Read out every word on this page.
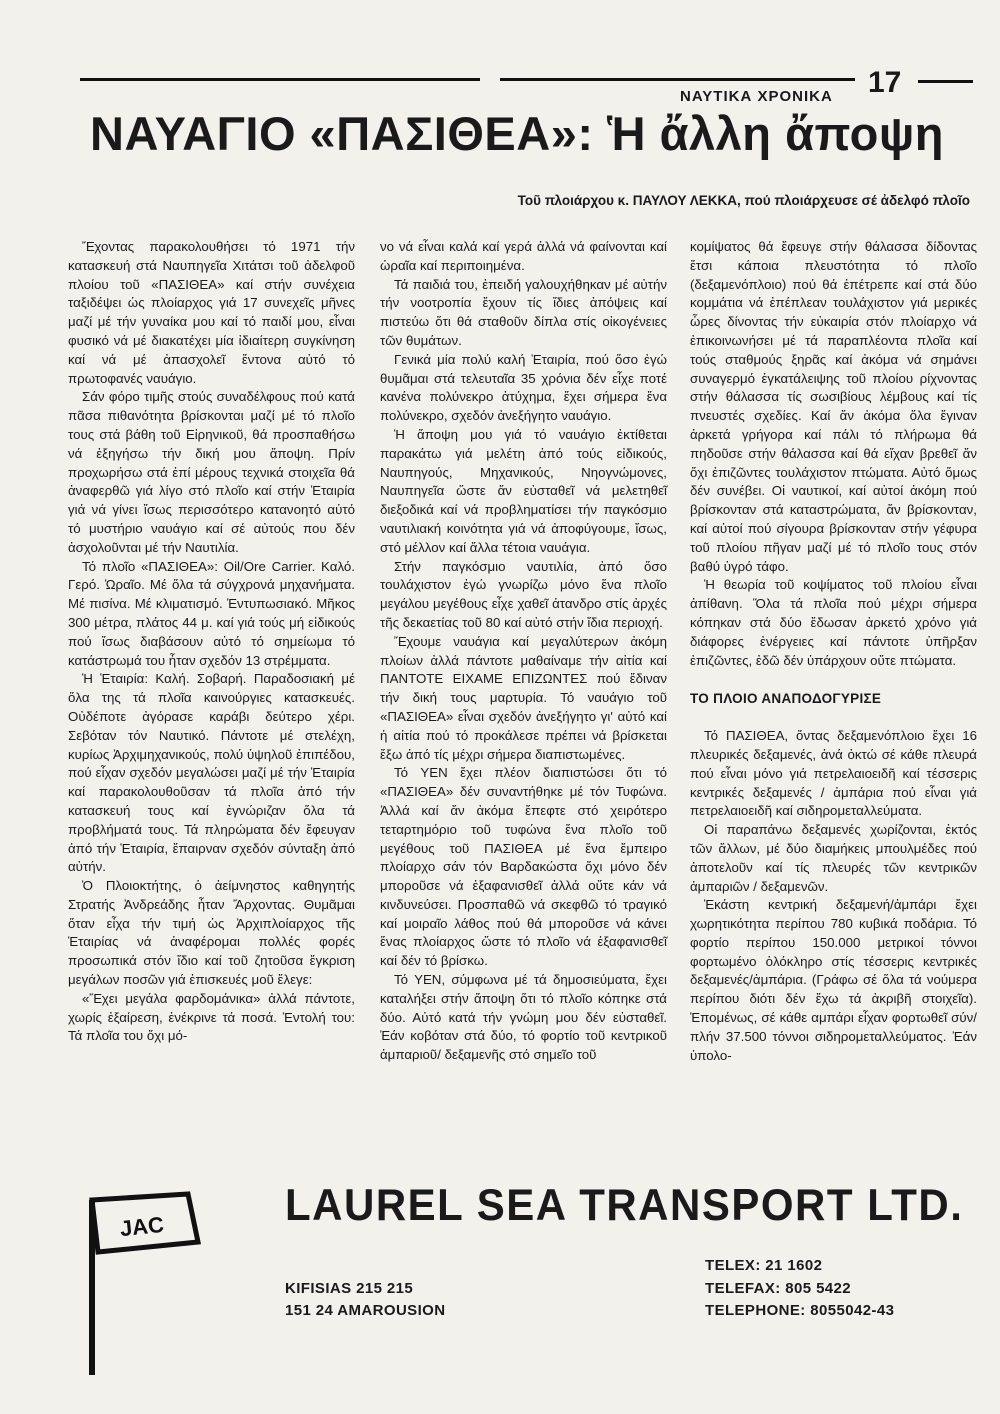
ΝΑΥΤΙΚΑ ΧΡΟΝΙΚΑ 17
ΝΑΥΑΓΙΟ «ΠΑΣΙΘΕΑ»: Ἡ ἄλλη ἄποψη
Τοῦ πλοιάρχου κ. ΠΑΥΛΟΥ ΛΕΚΚΑ, πού πλοιάρχευσε σέ ἀδελφό πλοῖο

Ἔχοντας παρακολουθήσει τό 1971 τήν κατασκευή στά Ναυπηγεῖα Χιτάτσι τοῦ ἀδελφοῦ πλοίου τοῦ «ΠΑΣΙΘΕΑ» καί στήν συνέχεια ταξιδέψει ὡς πλοίαρχος γιά 17 συνεχεῖς μῆνες μαζί μέ τήν γυναίκα μου καί τό παιδί μου, εἶναι φυσικό νά μέ διακατέχει μία ἰδιαίτερη συγκίνηση καί νά μέ ἀπασχολεῖ ἔντονα αὐτό τό πρωτοφανές ναυάγιο.

Σάν φόρο τιμῆς στούς συναδέλφους πού κατά πᾶσα πιθανότητα βρίσκονται μαζί μέ τό πλοῖο τους στά βάθη τοῦ Εἰρηνικοῦ, θά προσπαθήσω νά ἐξηγήσω τήν δική μου ἄποψη. Πρίν προχωρήσω στά ἐπί μέρους τεχνικά στοιχεῖα θά ἀναφερθῶ γιά λίγο στό πλοῖο καί στήν Ἑταιρία γιά νά γίνει ἴσως περισσότερο κατανοητό αὐτό τό μυστήριο ναυάγιο καί σέ αὐτούς που δέν ἀσχολοῦνται μέ τήν Ναυτιλία.

Τό πλοῖο «ΠΑΣΙΘΕΑ»: Oil/Ore Carrier. Καλό. Γερό. Ὡραῖο. Μέ ὅλα τά σύγχρονά μηχανήματα. Μέ πισίνα. Μέ κλιματισμό. Ἐντυπωσιακό. Μῆκος 300 μέτρα, πλάτος 44 μ. καί γιά τούς μή εἰδικούς πού ἴσως διαβάσουν αὐτό τό σημείωμα τό κατάστρωμά του ἦταν σχεδόν 13 στρέμματα.

Ἡ Ἑταιρία: Καλή. Σοβαρή. Παραδοσιακή μέ ὅλα της τά πλοῖα καινούργιες κατασκευές. Οὐδέποτε ἀγόρασε καράβι δεύτερο χέρι. Σεβόταν τόν Ναυτικό. Πάντοτε μέ στελέχη, κυρίως Ἀρχιμηχανικούς, πολύ ὑψηλοῦ ἐπιπέδου, πού εἶχαν σχεδόν μεγαλώσει μαζί μέ τήν Ἑταιρία καί παρακολουθοῦσαν τά πλοῖα ἀπό τήν κατασκευή τους καί ἐγνώριζαν ὅλα τά προβλήματά τους. Τά πληρώματα δέν ἔφευγαν ἀπό τήν Ἑταιρία, ἔπαιρναν σχεδόν σύνταξη ἀπό αὐτήν.

Ὁ Πλοιοκτήτης, ὁ ἀείμνηστος καθηγητής Στρατής Ἀνδρεάδης ἦταν Ἄρχοντας. Θυμᾶμαι ὅταν εἶχα τήν τιμή ὡς Ἀρχιπλοίαρχος τῆς Ἑταιρίας νά ἀναφέρομαι πολλές φορές προσωπικά στόν ἴδιο καί τοῦ ζητοῦσα ἔγκριση μεγάλων ποσῶν γιά ἐπισκευές μοῦ ἔλεγε:

«Ἔχει μεγάλα φαρδομάνικα» ἀλλά πάντοτε, χωρίς ἐξαίρεση, ἐνέκρινε τά ποσά. Ἐντολή του: Τά πλοῖα του ὄχι μό-

νο νά εἶναι καλά καί γερά ἀλλά νά φαίνονται καί ὡραῖα καί περιποιημένα.

Τά παιδιά του, ἐπειδή γαλουχήθηκαν μέ αὐτήν τήν νοοτροπία ἔχουν τίς ἴδιες ἀπόψεις καί πιστεύω ὅτι θά σταθοῦν δίπλα στίς οἰκογένειες τῶν θυμάτων.

Γενικά μία πολύ καλή Ἑταιρία, πού ὅσο ἐγώ θυμᾶμαι στά τελευταῖα 35 χρόνια δέν εἶχε ποτέ κανένα πολύνεκρο ἀτύχημα, ἔχει σήμερα ἕνα πολύνεκρο, σχεδόν ἀνεξήγητο ναυάγιο.

Ἡ ἄποψη μου γιά τό ναυάγιο ἐκτίθεται παρακάτω γιά μελέτη ἀπό τούς εἰδικούς, Ναυπηγούς, Μηχανικούς, Νηογνώμονες, Ναυπηγεῖα ὥστε ἄν εὐσταθεῖ νά μελετηθεῖ διεξοδικά καί νά προβληματίσει τήν παγκόσμιο ναυτιλιακή κοινότητα γιά νά ἀποφύγουμε, ἴσως, στό μέλλον καί ἄλλα τέτοια ναυάγια.

Στήν παγκόσμιο ναυτιλία, ἀπό ὅσο τουλάχιστον ἐγώ γνωρίζω μόνο ἕνα πλοῖο μεγάλου μεγέθους εἶχε χαθεῖ ἀτανδρο στίς ἀρχές τῆς δεκαετίας τοῦ 80 καί αὐτό στήν ἴδια περιοχή.

Ἔχουμε ναυάγια καί μεγαλύτερων ἀκόμη πλοίων ἀλλά πάντοτε μαθαίναμε τήν αἰτία καί ΠΑΝΤΟΤΕ ΕΙΧΑΜΕ ΕΠΙΖΩΝΤΕΣ πού ἔδιναν τήν δική τους μαρτυρία. Τό ναυάγιο τοῦ «ΠΑΣΙΘΕΑ» εἶναι σχεδόν ἀνεξήγητο γι' αὐτό καί ἡ αἰτία πού τό προκάλεσε πρέπει νά βρίσκεται ἔξω ἀπό τίς μέχρι σήμερα διαπιστωμένες.

Τό ΥΕΝ ἔχει πλέον διαπιστώσει ὅτι τό «ΠΑΣΙΘΕΑ» δέν συναντήθηκε μέ τόν Τυφώνα. Ἀλλά καί ἄν ἀκόμα ἔπεφτε στό χειρότερο τεταρτημόριο τοῦ τυφώνα ἕνα πλοῖο τοῦ μεγέθους τοῦ ΠΑΣΙΘΕΑ μέ ἕνα ἔμπειρο πλοίαρχο σάν τόν Βαρδακώστα ὄχι μόνο δέν μποροῦσε νά ἐξαφανισθεῖ ἀλλά οὔτε κάν νά κινδυνεύσει. Προσπαθῶ νά σκεφθῶ τό τραγικό καί μοιραῖο λάθος πού θά μποροῦσε νά κάνει ἕνας πλοίαρχος ὥστε τό πλοῖο νά ἐξαφανισθεῖ καί δέν τό βρίσκω.

Τό ΥΕΝ, σύμφωνα μέ τά δημοσιεύματα, ἔχει καταλήξει στήν ἄποψη ὅτι τό πλοῖο κόπηκε στά δύο. Αὐτό κατά τήν γνώμη μου δέν εὐσταθεῖ. Ἐάν κοβόταν στά δύο, τό φορτίο τοῦ κεντρικοῦ ἀμπαριοῦ/ δεξαμενῆς στό σημεῖο τοῦ

κομίψατος θά ἔφευγε στήν θάλασσα δίδοντας ἔτσι κάποια πλευστότητα τό πλοῖο (δεξαμενόπλοιο) πού θά ἐπέτρεπε καί στά δύο κομμάτια νά ἐπέπλεαν τουλάχιστον γιά μερικές ὧρες δίνοντας τήν εὐκαιρία στόν πλοίαρχο νά ἐπικοινωνήσει μέ τά παραπλέοντα πλοῖα καί τούς σταθμούς ξηρᾶς καί ἀκόμα νά σημάνει συναγερμό ἐγκατάλειψης τοῦ πλοίου ρίχνοντας στήν θάλασσα τίς σωσιβίους λέμβους καί τίς πνευστές σχεδίες. Καί ἄν ἀκόμα ὅλα ἔγιναν ἀρκετά γρήγορα καί πάλι τό πλήρωμα θά πηδοῦσε στήν θάλασσα καί θά εἴχαν βρεθεῖ ἄν ὄχι ἐπιζῶντες τουλάχιστον πτώματα. Αὐτό ὅμως δέν συνέβει. Οἱ ναυτικοί, καί αὐτοί ἀκόμη πού βρίσκονταν στά καταστρώματα, ἄν βρίσκονταν, καί αὐτοί πού σίγουρα βρίσκονταν στήν γέφυρα τοῦ πλοίου πῆγαν μαζί μέ τό πλοῖο τους στόν βαθύ ὑγρό τάφο.

Ἡ θεωρία τοῦ κοψίματος τοῦ πλοίου εἶναι ἀπίθανη. Ὅλα τά πλοῖα πού μέχρι σήμερα κόπηκαν στά δύο ἔδωσαν ἀρκετό χρόνο γιά διάφορες ἐνέργειες καί πάντοτε ὑπῆρξαν ἐπιζῶντες, ἐδῶ δέν ὑπάρχουν οὔτε πτώματα.

ΤΟ ΠΛΟΙΟ ΑΝΑΠΟΔΟΓΥΡΙΣΕ

Τό ΠΑΣΙΘΕΑ, ὄντας δεξαμενόπλοιο ἔχει 16 πλευρικές δεξαμενές, ἀνά ὀκτώ σέ κάθε πλευρά πού εἶναι μόνο γιά πετρελαιοειδῆ καί τέσσερις κεντρικές δεξαμενές / ἀμπάρια πού εἶναι γιά πετρελαιοειδῆ καί σιδηρομεταλλεύματα.

Οἱ παραπάνω δεξαμενές χωρίζονται, ἐκτός τῶν ἄλλων, μέ δύο διαμήκεις μπουλμέδες πού ἀποτελοῦν καί τίς πλευρές τῶν κεντρικῶν ἀμπαριῶν / δεξαμενῶν.

Ἑκάστη κεντρική δεξαμενή/ἀμπάρι ἔχει χωρητικότητα περίπου 780 κυβικά ποδάρια. Τό φορτίο περίπου 150.000 μετρικοί τόννοι φορτωμένο ὁλόκληρο στίς τέσσερις κεντρικές δεξαμενές/ἀμπάρια. (Γράφω σέ ὅλα τά νούμερα περίπου διότι δέν ἔχω τά ἀκριβῆ στοιχεῖα). Ἐπομένως, σέ κάθε αμπάρι εἶχαν φορτωθεῖ σύν/πλήν 37.500 τόννοι σιδηρομεταλλεύματος. Ἐάν ὑπολο-

JAC	LAUREL SEA TRANSPORT LTD.
KIFISIAS 215 215
151 24 AMAROUSION
TELEX: 21 1602
TELEFAX: 805 5422
TELEPHONE: 8055042-43
